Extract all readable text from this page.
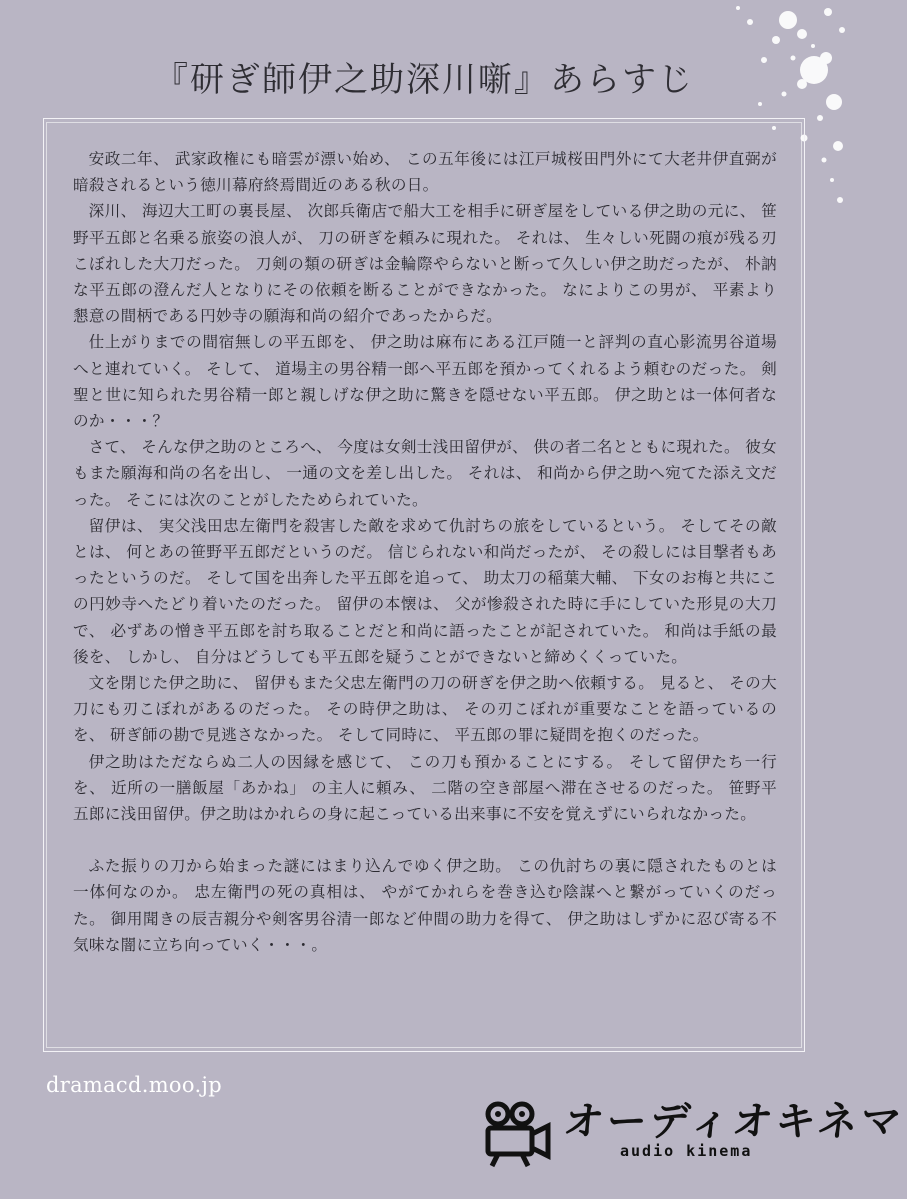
『研ぎ師伊之助深川噺』あらすじ

安政二年、 武家政権にも暗雲が漂い始め、 この五年後には江戸城桜田門外にて大老井伊直弼が暗殺されるという徳川幕府終焉間近のある秋の日。

深川、 海辺大工町の裏長屋、 次郎兵衛店で船大工を相手に研ぎ屋をしている伊之助の元に、 笹野平五郎と名乗る旅姿の浪人が、 刀の研ぎを頼みに現れた。 それは、 生々しい死闘の痕が残る刃こぼれした大刀だった。 刀剣の類の研ぎは金輪際やらないと断って久しい伊之助だったが、 朴訥な平五郎の澄んだ人となりにその依頼を断ることができなかった。 なによりこの男が、 平素より懇意の間柄である円妙寺の願海和尚の紹介であったからだ。

仕上がりまでの間宿無しの平五郎を、 伊之助は麻布にある江戸随一と評判の直心影流男谷道場へと連れていく。 そして、 道場主の男谷精一郎へ平五郎を預かってくれるよう頼むのだった。 剣聖と世に知られた男谷精一郎と親しげな伊之助に驚きを隠せない平五郎。 伊之助とは一体何者なのか・・・？

さて、 そんな伊之助のところへ、 今度は女剣士浅田留伊が、 供の者二名とともに現れた。 彼女もまた願海和尚の名を出し、 一通の文を差し出した。 それは、 和尚から伊之助へ宛てた添え文だった。 そこには次のことがしたためられていた。

留伊は、 実父浅田忠左衛門を殺害した敵を求めて仇討ちの旅をしているという。 そしてその敵とは、 何とあの笹野平五郎だというのだ。 信じられない和尚だったが、 その殺しには目撃者もあったというのだ。 そして国を出奔した平五郎を追って、 助太刀の稲葉大輔、 下女のお梅と共にこの円妙寺へたどり着いたのだった。 留伊の本懐は、 父が惨殺された時に手にしていた形見の大刀で、 必ずあの憎き平五郎を討ち取ることだと和尚に語ったことが記されていた。 和尚は手紙の最後を、 しかし、 自分はどうしても平五郎を疑うことができないと締めくくっていた。

文を閉じた伊之助に、 留伊もまた父忠左衛門の刀の研ぎを伊之助へ依頼する。 見ると、 その大刀にも刃こぼれがあるのだった。 その時伊之助は、 その刃こぼれが重要なことを語っているのを、 研ぎ師の勘で見逃さなかった。 そして同時に、 平五郎の罪に疑問を抱くのだった。

伊之助はただならぬ二人の因縁を感じて、 この刀も預かることにする。 そして留伊たち一行を、 近所の一膳飯屋「あかね」 の主人に頼み、 二階の空き部屋へ滞在させるのだった。 笹野平五郎に浅田留伊。伊之助はかれらの身に起こっている出来事に不安を覚えずにいられなかった。

ふた振りの刀から始まった謎にはまり込んでゆく伊之助。 この仇討ちの裏に隠されたものとは一体何なのか。 忠左衛門の死の真相は、 やがてかれらを巻き込む陰謀へと繋がっていくのだった。 御用聞きの辰吉親分や剣客男谷清一郎など仲間の助力を得て、 伊之助はしずかに忍び寄る不気味な闇に立ち向っていく・・・。

dramacd.moo.jp
オーディオキネマ
audio kinema
